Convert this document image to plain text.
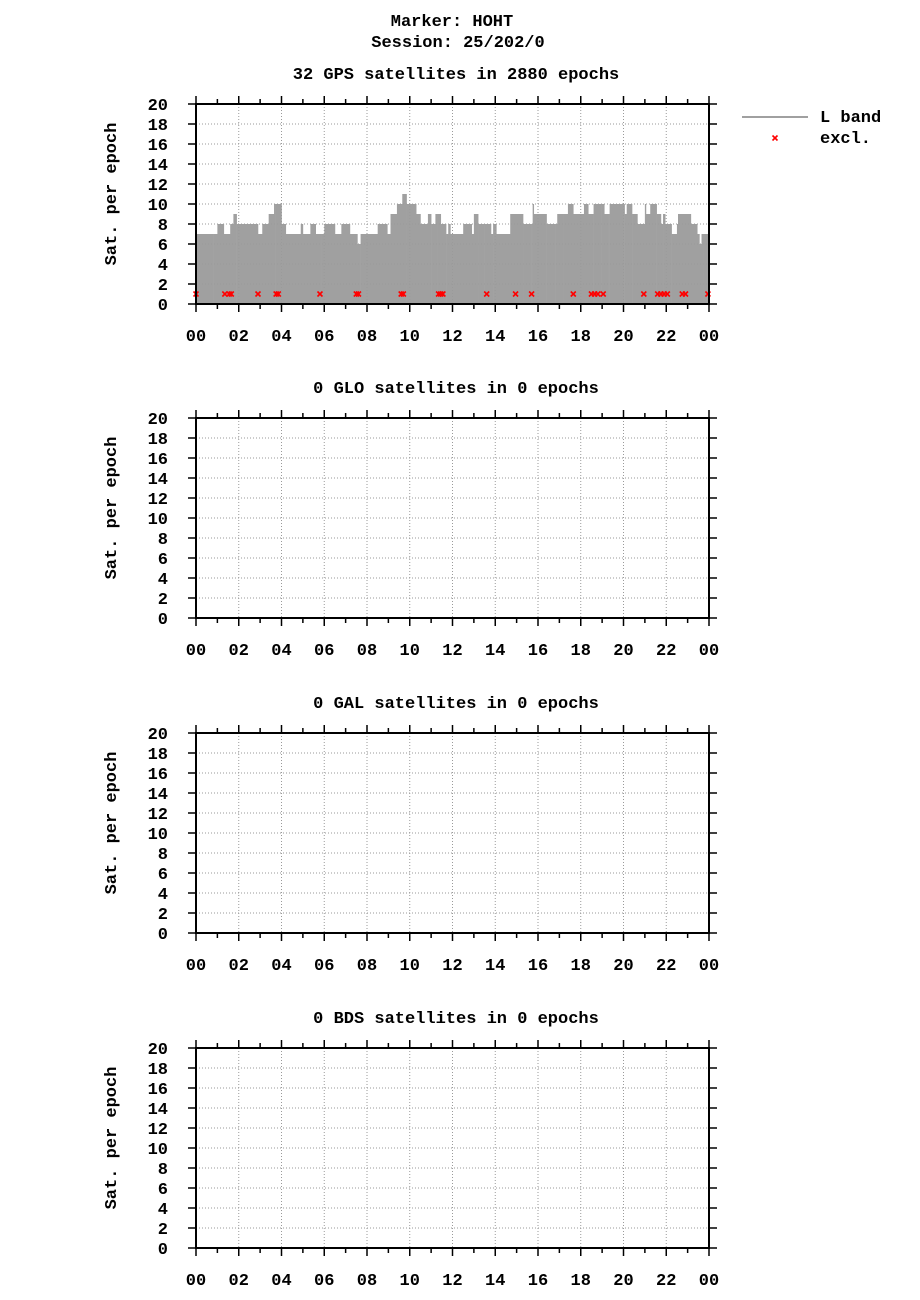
Marker: HOHT
Session: 25/202/0
L band
excl.
32 GPS satellites in 2880 epochs
0
2
4
6
8
10
12
14
16
18
20
00 02 04 06 08 10 12 14 16 18 20 22 00
Sat. per epoch
0 GLO satellites in 0 epochs
0
2
4
6
8
10
12
14
16
18
20
00 02 04 06 08 10 12 14 16 18 20 22 00
Sat. per epoch
0 GAL satellites in 0 epochs
0
2
4
6
8
10
12
14
16
18
20
00 02 04 06 08 10 12 14 16 18 20 22 00
Sat. per epoch
0 BDS satellites in 0 epochs
0
2
4
6
8
10
12
14
16
18
20
00 02 04 06 08 10 12 14 16 18 20 22 00
Sat. per epoch
